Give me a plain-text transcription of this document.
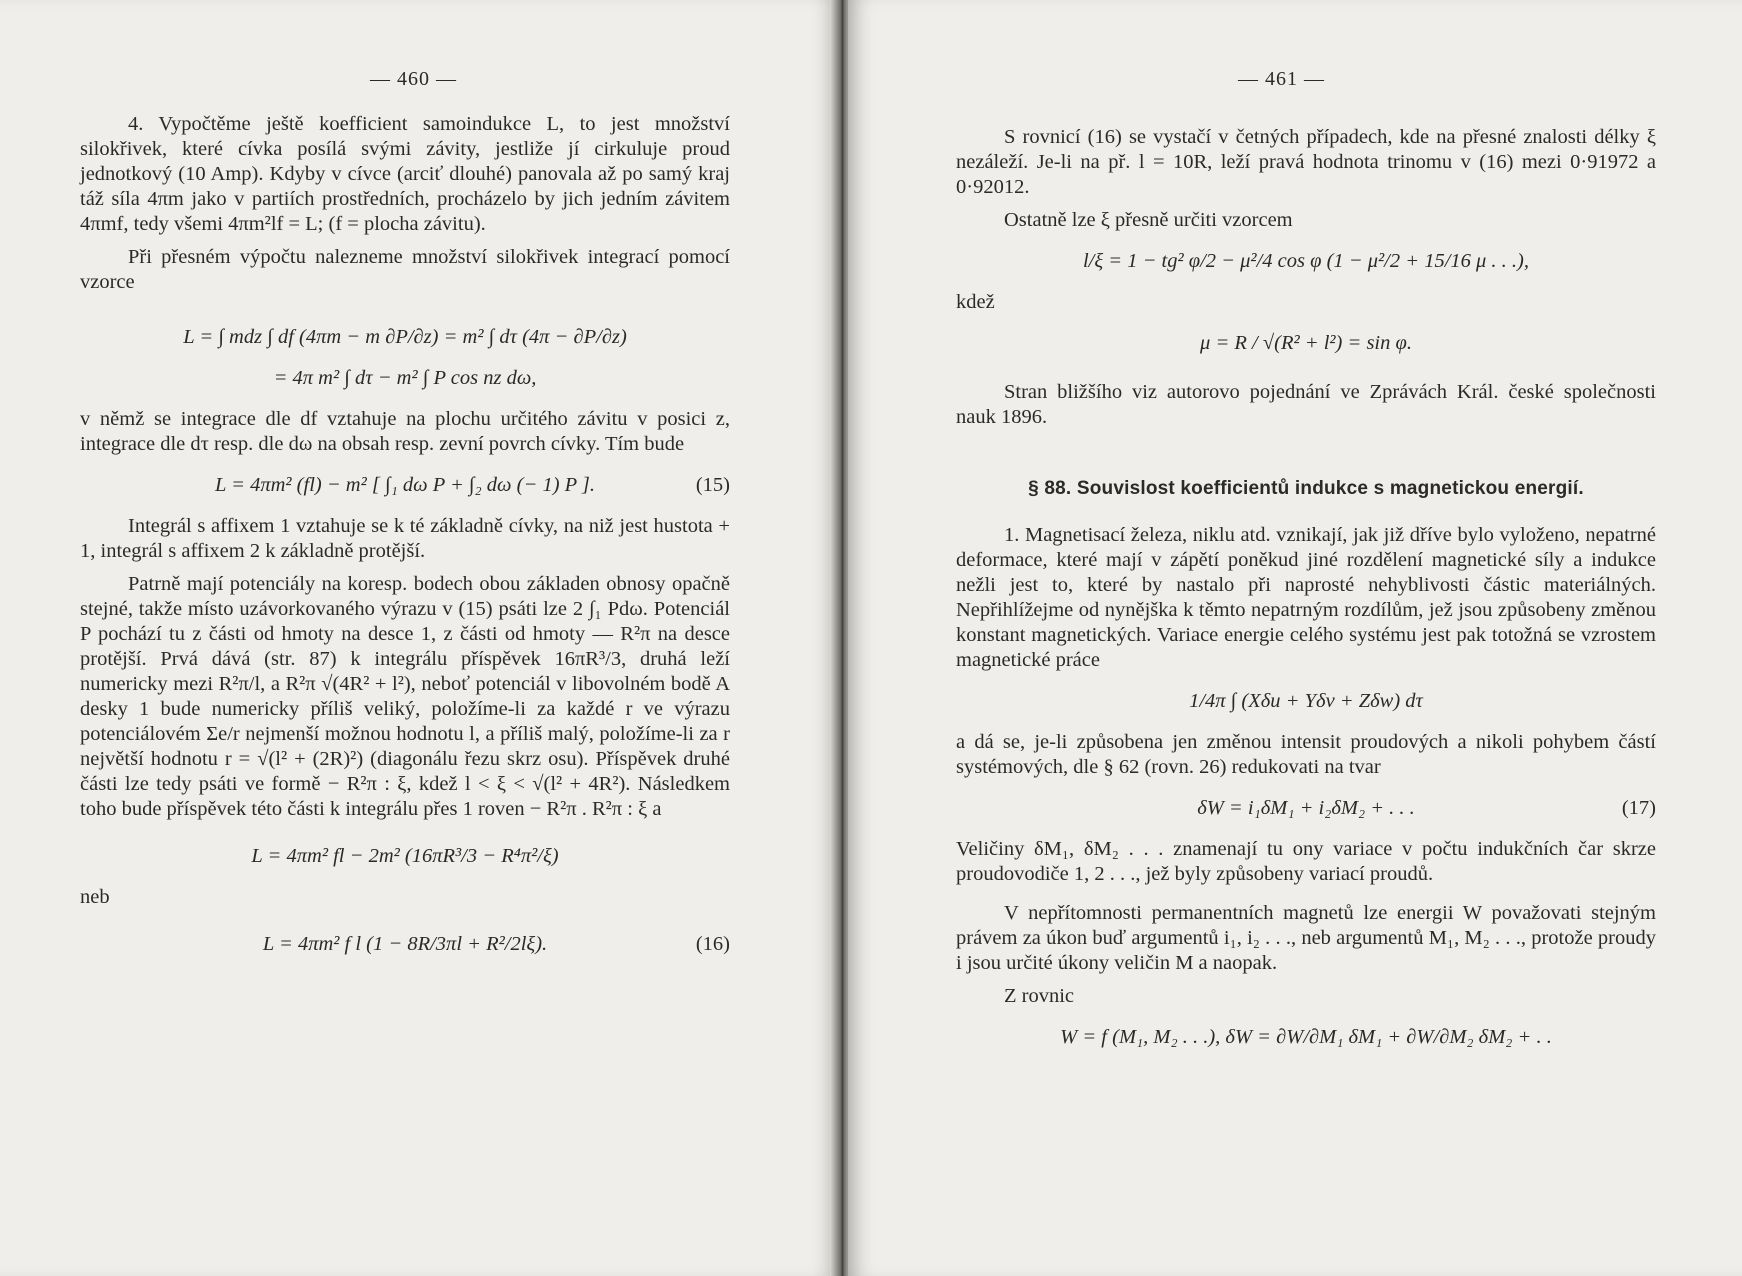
— 460 —

4. Vypočtěme ještě koefficient samoindukce L, to jest množství silokřivek, které cívka posílá svými závity, jestliže jí cirkuluje proud jednotkový (10 Amp). Kdyby v cívce (arciť dlouhé) panovala až po samý kraj táž síla 4πm jako v partiích prostředních, procházelo by jich jedním závitem 4πmf, tedy všemi 4πm²lf = L; (f = plocha závitu).

Při přesném výpočtu nalezneme množství silokřivek integrací pomocí vzorce

L = ∫ mdz ∫ df (4πm − m ∂P/∂z) = m² ∫ dτ (4π − ∂P/∂z)
= 4π m² ∫ dτ − m² ∫ P cos nz dω,

v němž se integrace dle df vztahuje na plochu určitého závitu v posici z, integrace dle dτ resp. dle dω na obsah resp. zevní povrch cívky. Tím bude

L = 4πm² (fl) − m² [ ∫₁ dω P + ∫₂ dω (− 1) P ].	(15)

Integrál s affixem 1 vztahuje se k té základně cívky, na niž jest hustota + 1, integrál s affixem 2 k základně protější.

Patrně mají potenciály na koresp. bodech obou základen obnosy opačně stejné, takže místo uzávorkovaného výrazu v (15) psáti lze 2 ∫₁ Pdω. Potenciál P pochází tu z části od hmoty na desce 1, z části od hmoty — R²π na desce protější. Prvá dává (str. 87) k integrálu příspěvek 16πR³/3, druhá leží numericky mezi R²π/l, a R²π √(4R² + l²), neboť potenciál v libovolném bodě A desky 1 bude numericky příliš veliký, položíme-li za každé r ve výrazu potenciálovém Σe/r nejmenší možnou hodnotu l, a příliš malý, položíme-li za r největší hodnotu r = √(l² + (2R)²) (diagonálu řezu skrz osu). Příspěvek druhé části lze tedy psáti ve formě − R²π : ξ, kdež l < ξ < √(l² + 4R²). Následkem toho bude příspěvek této části k integrálu přes 1 roven − R²π . R²π : ξ a

L = 4πm² fl − 2m² (16πR³/3 − R⁴π²/ξ)

neb

L = 4πm² f l (1 − 8R/3πl + R²/2lξ).	(16)
— 461 —

S rovnicí (16) se vystačí v četných případech, kde na přesné znalosti délky ξ nezáleží. Je-li na př. l = 10R, leží pravá hodnota trinomu v (16) mezi 0·91972 a 0·92012.

Ostatně lze ξ přesně určiti vzorcem

l/ξ = 1 − tg² φ/2 − μ²/4 cos φ (1 − μ²/2 + 15/16 μ . . .),

kdež

μ = R / √(R² + l²) = sin φ.

Stran bližšího viz autorovo pojednání ve Zprávách Král. české společnosti nauk 1896.

§ 88. Souvislost koefficientů indukce s magnetickou energií.

1. Magnetisací železa, niklu atd. vznikají, jak již dříve bylo vyloženo, nepatrné deformace, které mají v zápětí poněkud jiné rozdělení magnetické síly a indukce nežli jest to, které by nastalo při naprosté nehyblivosti částic materiálných. Nepřihlížejme od nynějška k těmto nepatrným rozdílům, jež jsou způsobeny změnou konstant magnetických. Variace energie celého systému jest pak totožná se vzrostem magnetické práce

1/4π ∫ (Xδu + Yδv + Zδw) dτ

a dá se, je-li způsobena jen změnou intensit proudových a nikoli pohybem částí systémových, dle § 62 (rovn. 26) redukovati na tvar

δW = i₁δM₁ + i₂δM₂ + . . .	(17)

Veličiny δM₁, δM₂ . . . znamenají tu ony variace v počtu indukčních čar skrze proudovodiče 1, 2 . . ., jež byly způsobeny variací proudů.

V nepřítomnosti permanentních magnetů lze energii W považovati stejným právem za úkon buď argumentů i₁, i₂ . . ., neb argumentů M₁, M₂ . . ., protože proudy i jsou určité úkony veličin M a naopak.

Z rovnic

W = f (M₁, M₂ . . .), δW = ∂W/∂M₁ δM₁ + ∂W/∂M₂ δM₂ + . .
